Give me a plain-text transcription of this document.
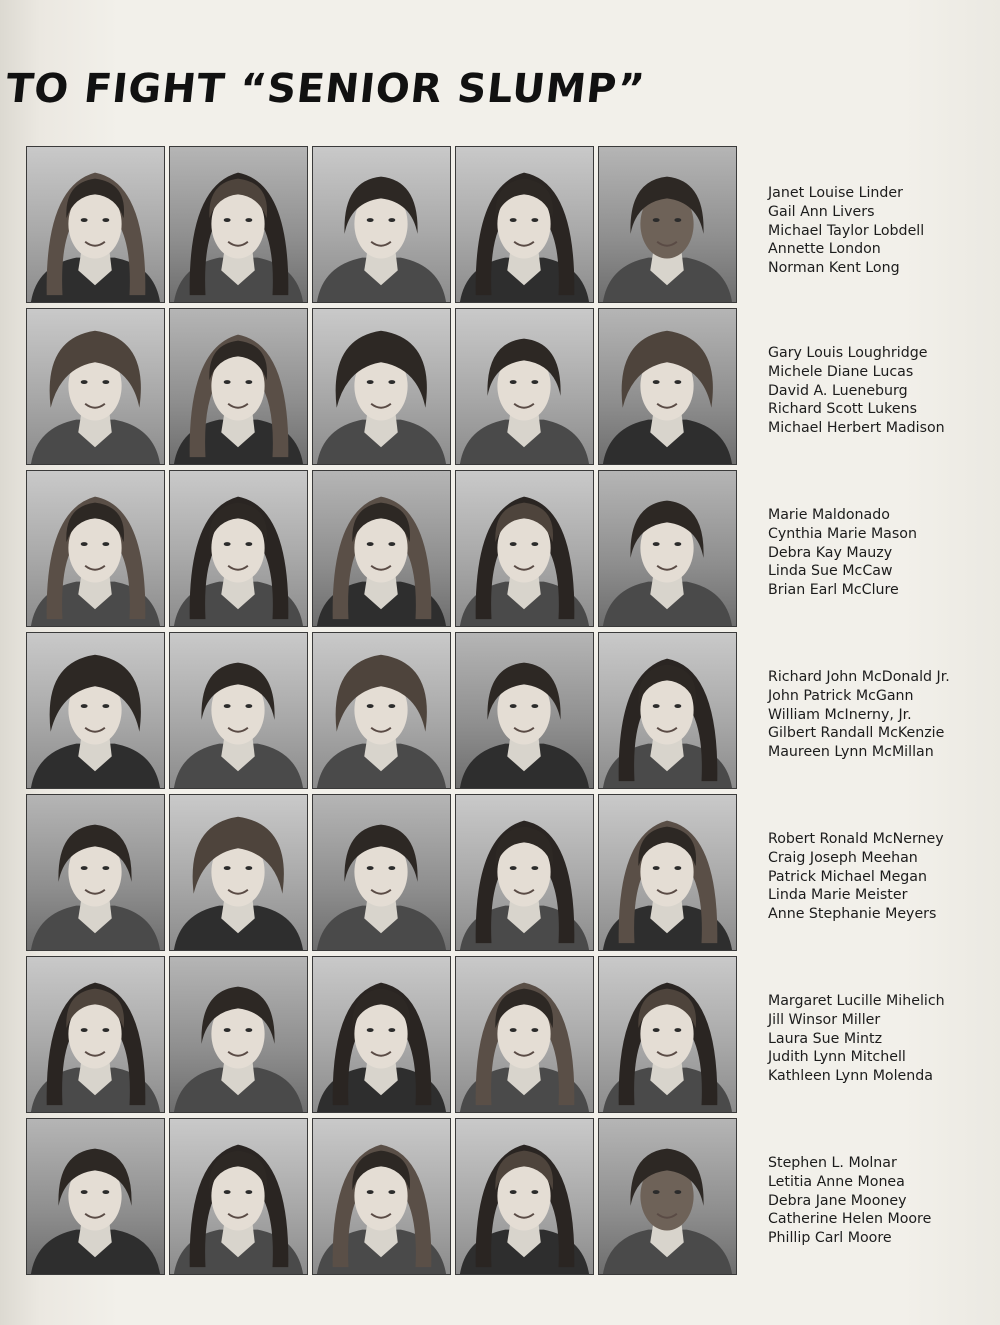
TO FIGHT “SENIOR SLUMP”
Janet Louise Linder
Gail Ann Livers
Michael Taylor Lobdell
Annette London
Norman Kent Long
Gary Louis Loughridge
Michele Diane Lucas
David A. Lueneburg
Richard Scott Lukens
Michael Herbert Madison
Marie Maldonado
Cynthia Marie Mason
Debra Kay Mauzy
Linda Sue McCaw
Brian Earl McClure
Richard John McDonald Jr.
John Patrick McGann
William McInerny, Jr.
Gilbert Randall McKenzie
Maureen Lynn McMillan
Robert Ronald McNerney
Craig Joseph Meehan
Patrick Michael Megan
Linda Marie Meister
Anne Stephanie Meyers
Margaret Lucille Mihelich
Jill Winsor Miller
Laura Sue Mintz
Judith Lynn Mitchell
Kathleen Lynn Molenda
Stephen L. Molnar
Letitia Anne Monea
Debra Jane Mooney
Catherine Helen Moore
Phillip Carl Moore
